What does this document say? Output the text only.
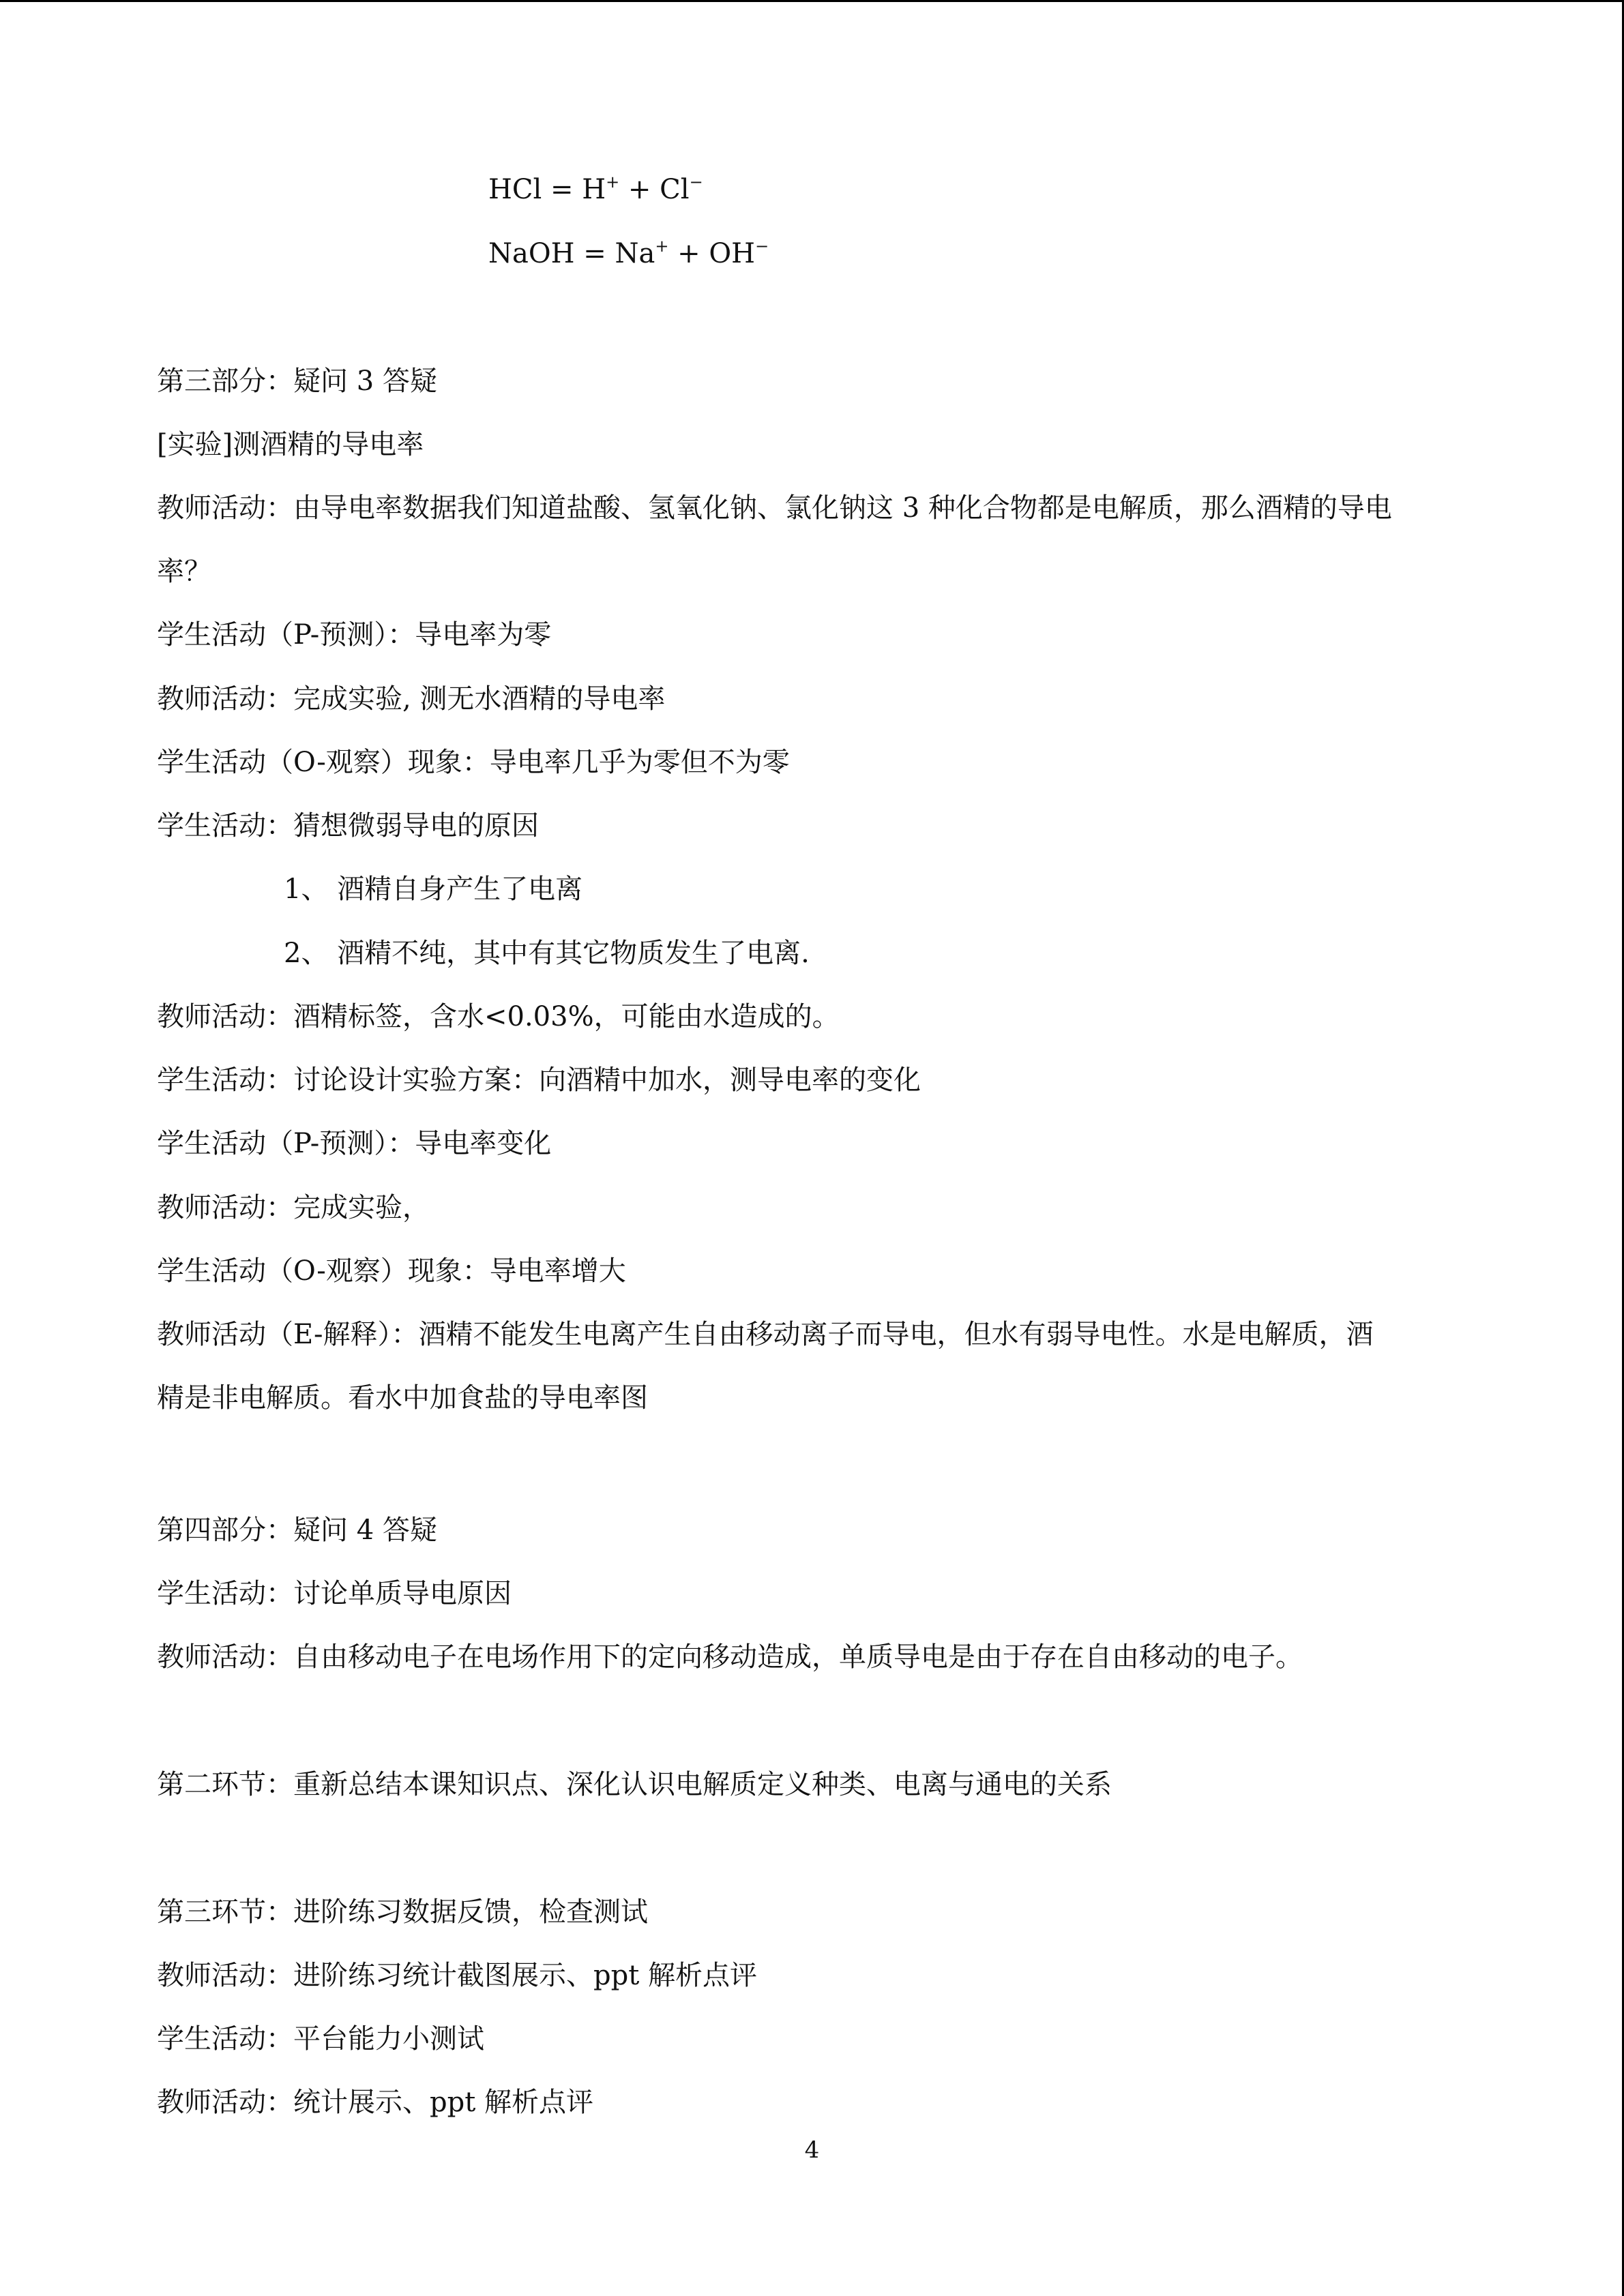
HCl = H+ + Cl−
NaOH = Na+ + OH−
第三部分：疑问 3 答疑
[实验]测酒精的导电率
教师活动：由导电率数据我们知道盐酸、氢氧化钠、氯化钠这 3 种化合物都是电解质，那么酒精的导电
率？
学生活动（P-预测）：导电率为零
教师活动：完成实验, 测无水酒精的导电率
学生活动（O-观察）现象：导电率几乎为零但不为零
学生活动：猜想微弱导电的原因
1、 酒精自身产生了电离
2、 酒精不纯，其中有其它物质发生了电离.
教师活动：酒精标签，含水<0.03%，可能由水造成的。
学生活动：讨论设计实验方案：向酒精中加水，测导电率的变化
学生活动（P-预测）：导电率变化
教师活动：完成实验，
学生活动（O-观察）现象：导电率增大
教师活动（E-解释）：酒精不能发生电离产生自由移动离子而导电，但水有弱导电性。水是电解质，酒
精是非电解质。看水中加食盐的导电率图
第四部分：疑问 4 答疑
学生活动：讨论单质导电原因
教师活动：自由移动电子在电场作用下的定向移动造成，单质导电是由于存在自由移动的电子。
第二环节：重新总结本课知识点、深化认识电解质定义种类、电离与通电的关系
第三环节：进阶练习数据反馈，检查测试
教师活动：进阶练习统计截图展示、ppt 解析点评
学生活动：平台能力小测试
教师活动：统计展示、ppt 解析点评
4
